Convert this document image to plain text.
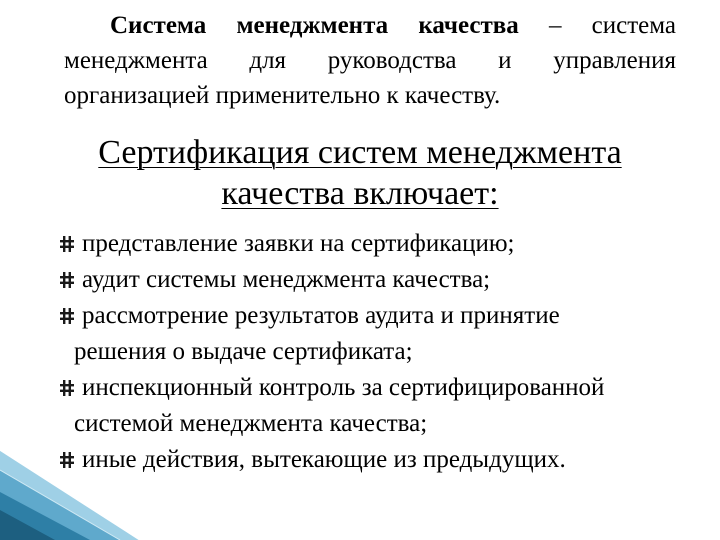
Система менеджмента качества – система менеджмента для руководства и управления организацией применительно к качеству.
Сертификация систем менеджмента
качества включает:
представление заявки на сертификацию;
аудит системы менеджмента качества;
рассмотрение результатов аудита и принятие
решения о выдаче сертификата;
инспекционный контроль за сертифицированной
системой менеджмента качества;
иные действия, вытекающие из предыдущих.
